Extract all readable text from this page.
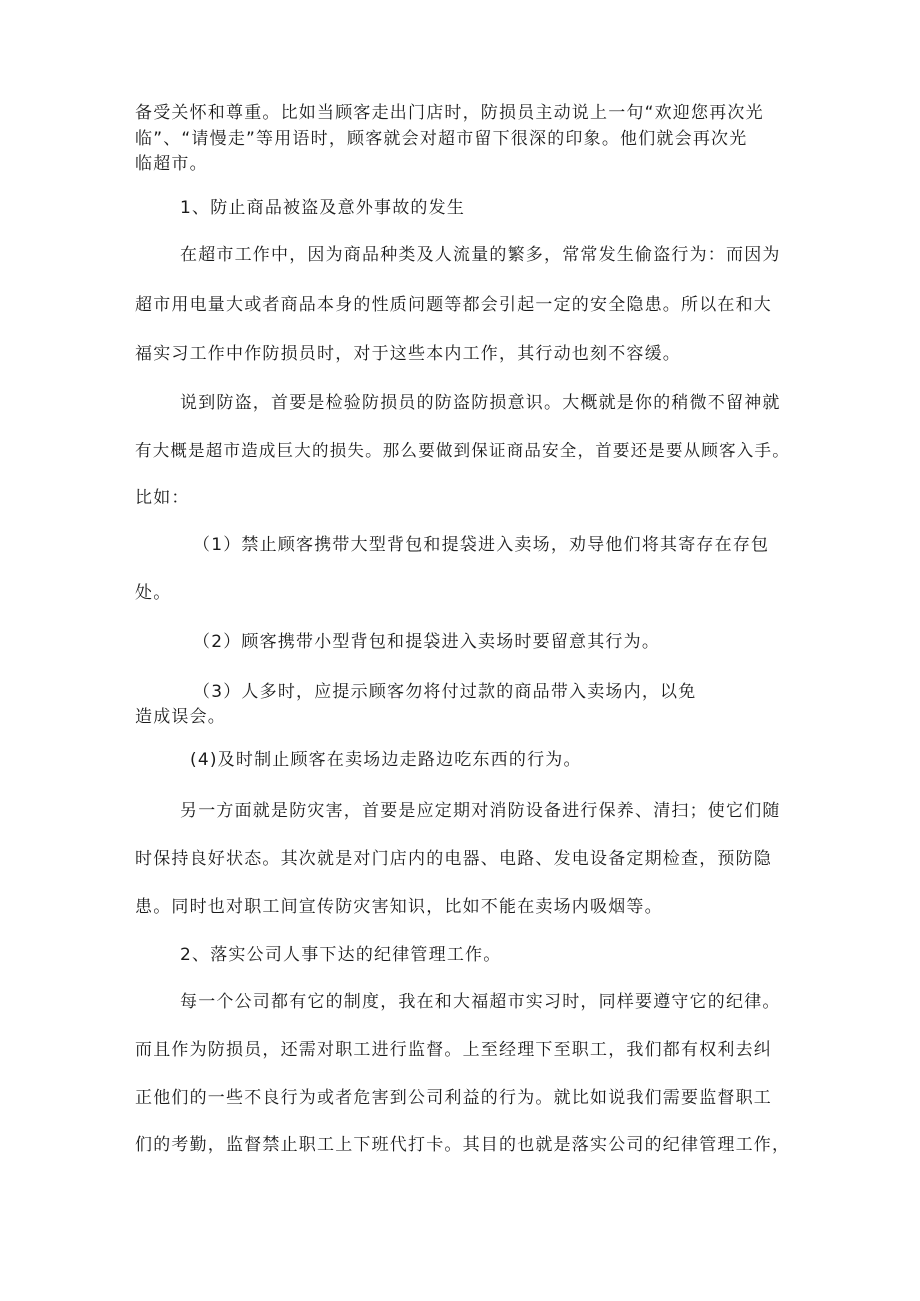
备受关怀和尊重。比如当顾客走出门店时，防损员主动说上一句“欢迎您再次光
临”、“请慢走”等用语时，顾客就会对超市留下很深的印象。他们就会再次光
临超市。
1、防止商品被盗及意外事故的发生
在超市工作中，因为商品种类及人流量的繁多，常常发生偷盗行为：而因为
超市用电量大或者商品本身的性质问题等都会引起一定的安全隐患。所以在和大
福实习工作中作防损员时，对于这些本内工作，其行动也刻不容缓。
说到防盗，首要是检验防损员的防盗防损意识。大概就是你的稍微不留神就
有大概是超市造成巨大的损失。那么要做到保证商品安全，首要还是要从顾客入手。
比如：
（1）禁止顾客携带大型背包和提袋进入卖场，劝导他们将其寄存在存包
处。
（2）顾客携带小型背包和提袋进入卖场时要留意其行为。
（3）人多时，应提示顾客勿将付过款的商品带入卖场内，以免
造成误会。
(4)及时制止顾客在卖场边走路边吃东西的行为。
另一方面就是防灾害，首要是应定期对消防设备进行保养、清扫；使它们随
时保持良好状态。其次就是对门店内的电器、电路、发电设备定期检查，预防隐
患。同时也对职工间宣传防灾害知识，比如不能在卖场内吸烟等。
2、落实公司人事下达的纪律管理工作。
每一个公司都有它的制度，我在和大福超市实习时，同样要遵守它的纪律。
而且作为防损员，还需对职工进行监督。上至经理下至职工，我们都有权利去纠
正他们的一些不良行为或者危害到公司利益的行为。就比如说我们需要监督职工
们的考勤，监督禁止职工上下班代打卡。其目的也就是落实公司的纪律管理工作，
